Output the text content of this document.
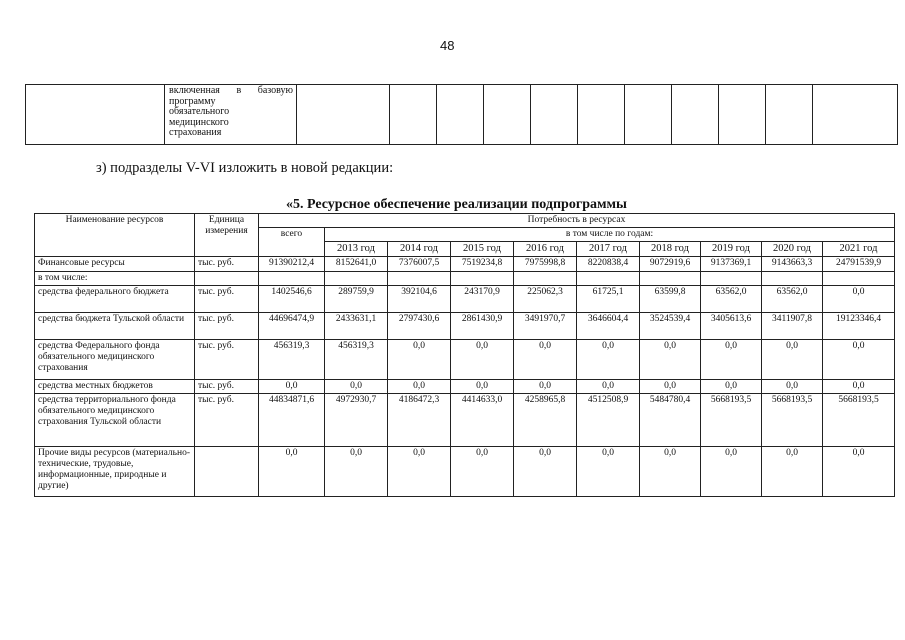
48

включенная в базовую
программу
обязательного
медицинского
страхования

з) подразделы V-VI изложить в новой редакции:
«5. Ресурсное обеспечение реализации подпрограммы
Наименование ресурсов	Единица измерения	Потребность в ресурсах									
		всего	в том числе по годам:								
			2013 год	2014 год	2015 год	2016 год	2017 год	2018 год	2019 год	2020 год	2021 год
Финансовые ресурсы	тыс. руб.	91390212,4	8152641,0	7376007,5	7519234,8	7975998,8	8220838,4	9072919,6	9137369,1	9143663,3	24791539,9
в том числе:											
средства федерального бюджета	тыс. руб.	1402546,6	289759,9	392104,6	243170,9	225062,3	61725,1	63599,8	63562,0	63562,0	0,0
средства бюджета Тульской области	тыс. руб.	44696474,9	2433631,1	2797430,6	2861430,9	3491970,7	3646604,4	3524539,4	3405613,6	3411907,8	19123346,4
средства Федерального фонда обязательного медицинского страхования	тыс. руб.	456319,3	456319,3	0,0	0,0	0,0	0,0	0,0	0,0	0,0	0,0
средства местных бюджетов	тыс. руб.	0,0	0,0	0,0	0,0	0,0	0,0	0,0	0,0	0,0	0,0
средства территориального фонда обязательного медицинского страхования Тульской области	тыс. руб.	44834871,6	4972930,7	4186472,3	4414633,0	4258965,8	4512508,9	5484780,4	5668193,5	5668193,5	5668193,5
Прочие виды ресурсов (материально-технические, трудовые, информационные, природные и другие)		0,0	0,0	0,0	0,0	0,0	0,0	0,0	0,0	0,0	0,0
